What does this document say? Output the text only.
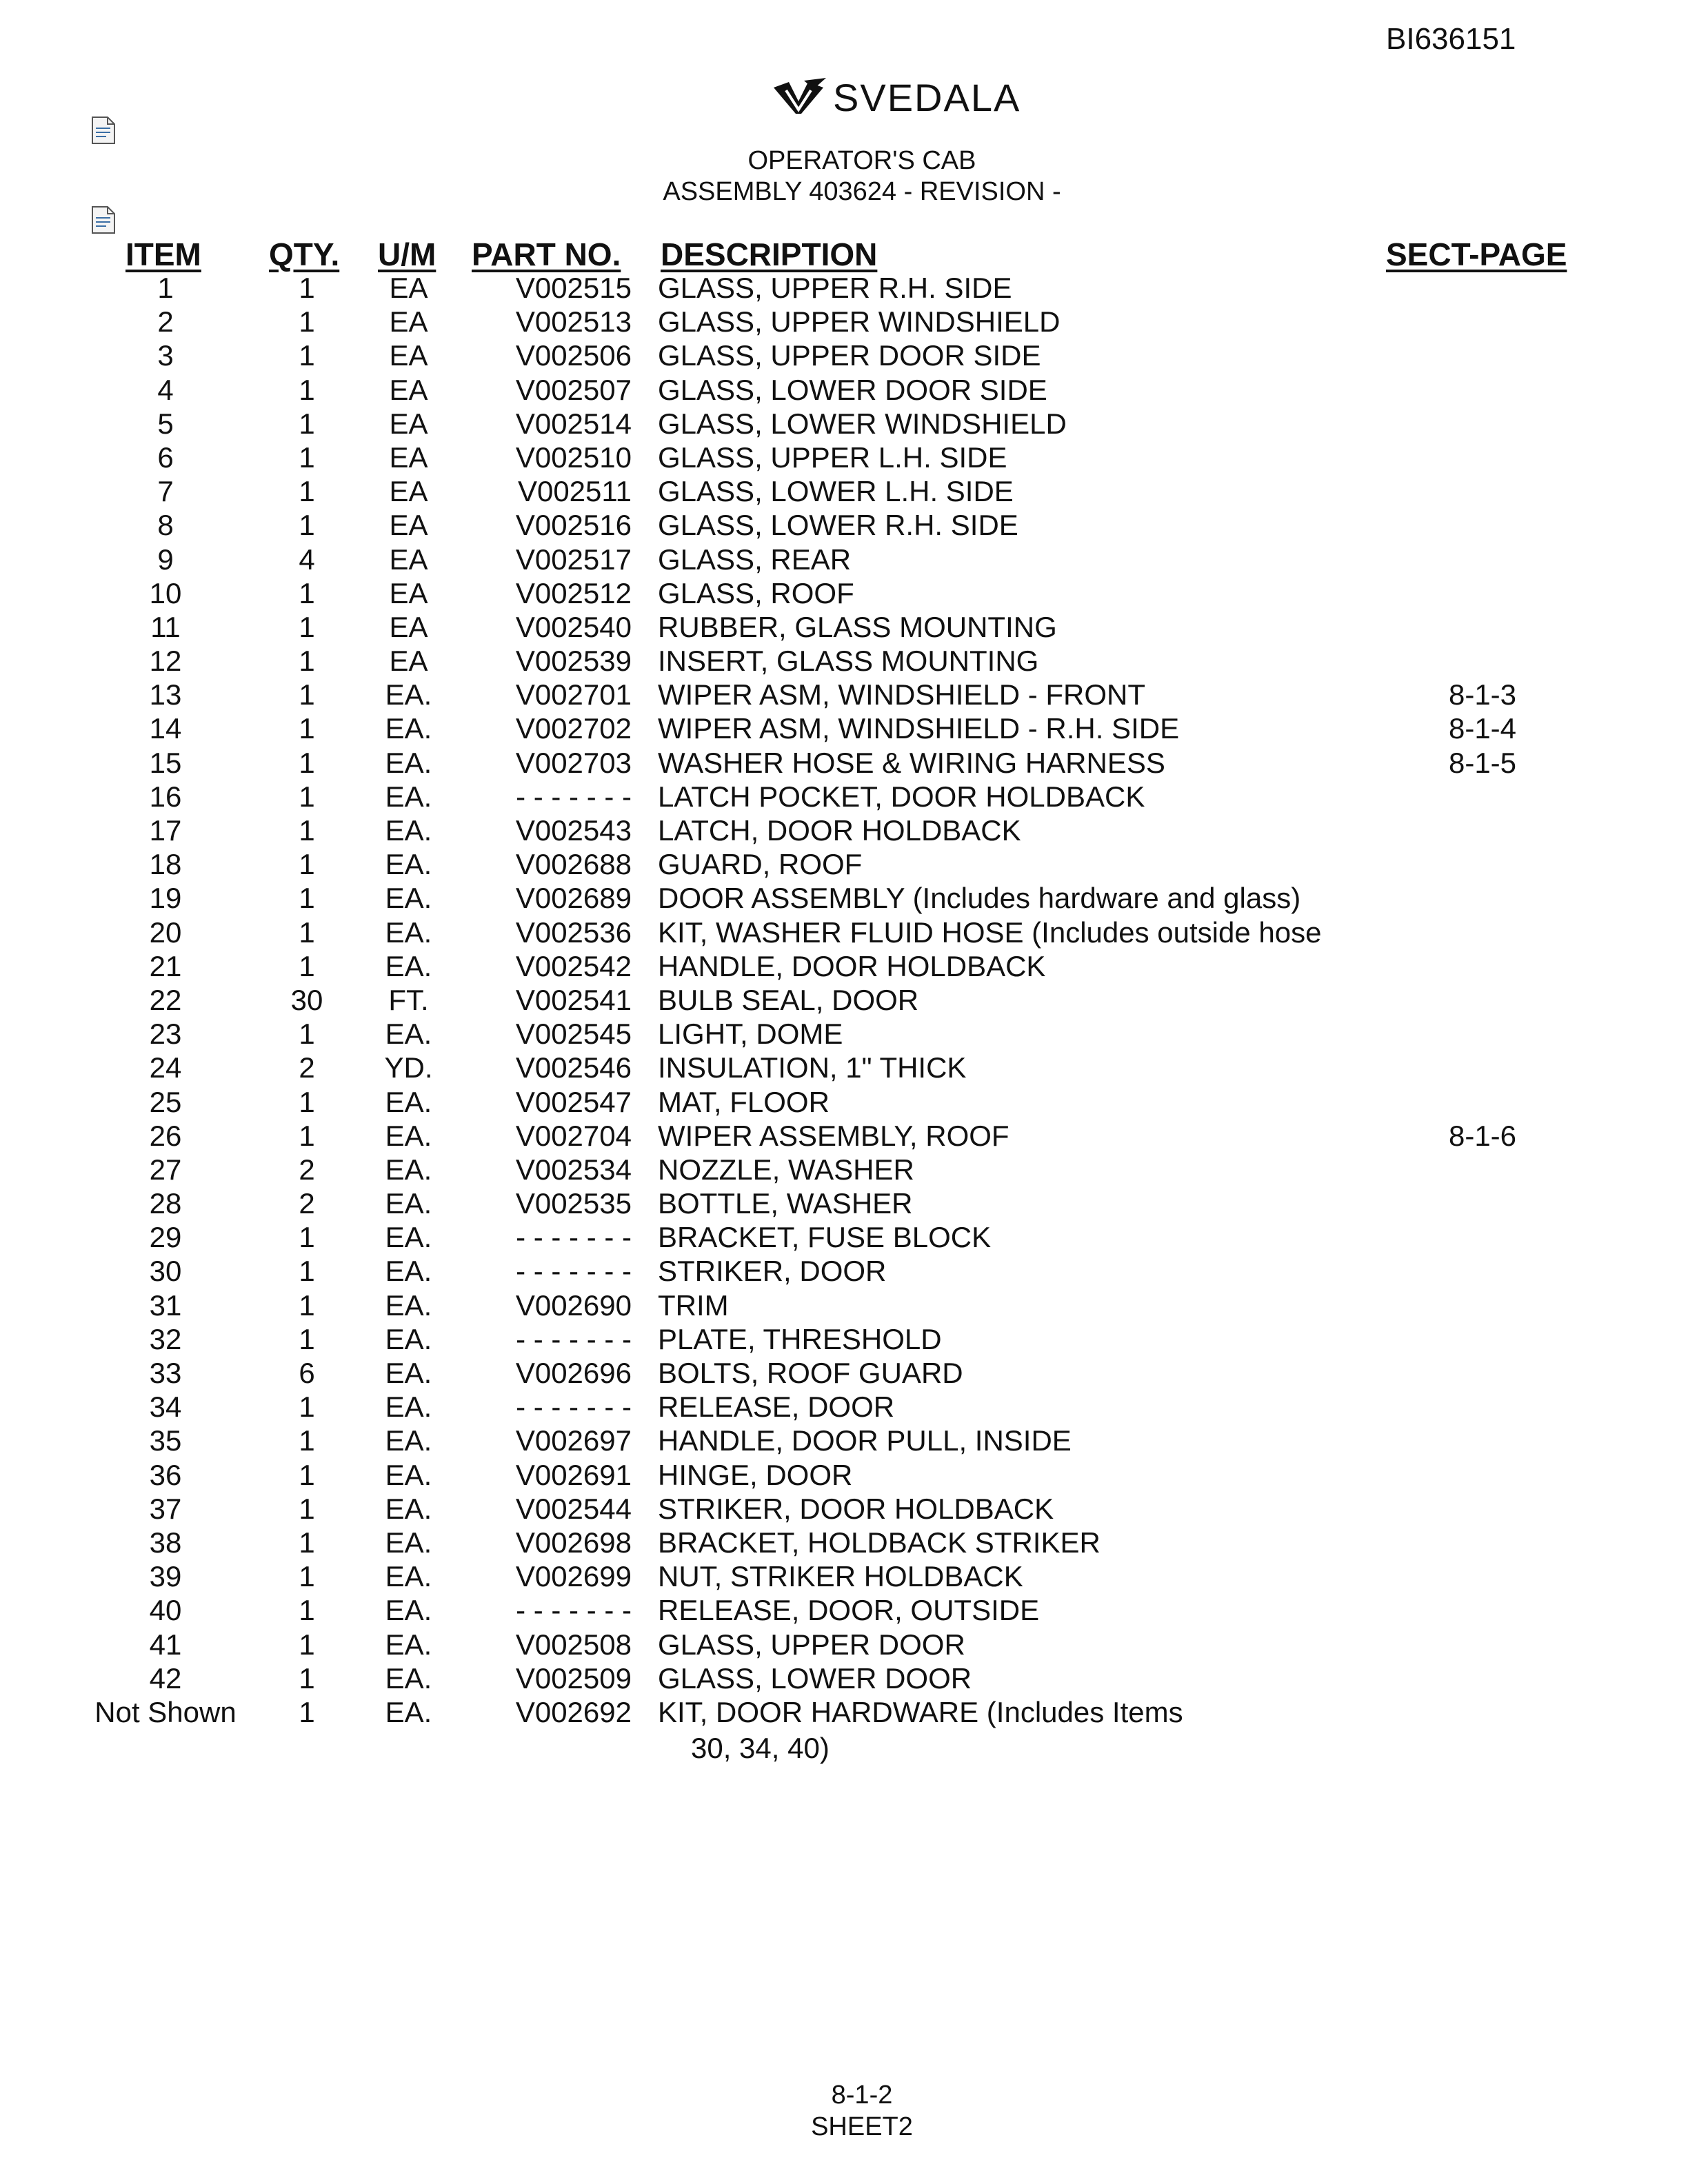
BI636151
SVEDALA
OPERATOR'S CAB
ASSEMBLY 403624 - REVISION -
ITEM QTY. U/M PART NO. DESCRIPTION	SECT-PAGE
1	1	EA	V002515 GLASS, UPPER R.H. SIDE
2	1	EA	V002513 GLASS, UPPER WINDSHIELD
3	1	EA	V002506 GLASS, UPPER DOOR SIDE
4	1	EA	V002507 GLASS, LOWER DOOR SIDE
5	1	EA	V002514 GLASS, LOWER WINDSHIELD
6	1	EA	V002510 GLASS, UPPER L.H. SIDE
7	1	EA	V002511 GLASS, LOWER L.H. SIDE
8	1	EA	V002516 GLASS, LOWER R.H. SIDE
9	4	EA	V002517 GLASS, REAR
10	1	EA	V002512 GLASS, ROOF
11	1	EA	V002540 RUBBER, GLASS MOUNTING
12	1	EA	V002539 INSERT, GLASS MOUNTING
13	1	EA.	V002701 WIPER ASM, WINDSHIELD - FRONT	8-1-3
14	1	EA.	V002702 WIPER ASM, WINDSHIELD - R.H. SIDE	8-1-4
15	1	EA.	V002703 WASHER HOSE & WIRING HARNESS	8-1-5
16	1	EA.	- - - - - - - LATCH POCKET, DOOR HOLDBACK
17	1	EA.	V002543 LATCH, DOOR HOLDBACK
18	1	EA.	V002688 GUARD, ROOF
19	1	EA.	V002689 DOOR ASSEMBLY (Includes hardware and glass)
20	1	EA.	V002536 KIT, WASHER FLUID HOSE (Includes outside hose
21	1	EA.	V002542 HANDLE, DOOR HOLDBACK
22	30	FT.	V002541 BULB SEAL, DOOR
23	1	EA.	V002545 LIGHT, DOME
24	2	YD.	V002546 INSULATION, 1" THICK
25	1	EA.	V002547 MAT, FLOOR
26	1	EA.	V002704 WIPER ASSEMBLY, ROOF	8-1-6
27	2	EA.	V002534 NOZZLE, WASHER
28	2	EA.	V002535 BOTTLE, WASHER
29	1	EA.	- - - - - - - BRACKET, FUSE BLOCK
30	1	EA.	- - - - - - - STRIKER, DOOR
31	1	EA.	V002690 TRIM
32	1	EA.	- - - - - - - PLATE, THRESHOLD
33	6	EA.	V002696 BOLTS, ROOF GUARD
34	1	EA.	- - - - - - - RELEASE, DOOR
35	1	EA.	V002697 HANDLE, DOOR PULL, INSIDE
36	1	EA.	V002691 HINGE, DOOR
37	1	EA.	V002544 STRIKER, DOOR HOLDBACK
38	1	EA.	V002698 BRACKET, HOLDBACK STRIKER
39	1	EA.	V002699 NUT, STRIKER HOLDBACK
40	1	EA.	- - - - - - - RELEASE, DOOR, OUTSIDE
41	1	EA.	V002508 GLASS, UPPER DOOR
42	1	EA.	V002509 GLASS, LOWER DOOR
Not Shown	1	EA.	V002692 KIT, DOOR HARDWARE (Includes Items
30, 34, 40)
8-1-2
SHEET2
